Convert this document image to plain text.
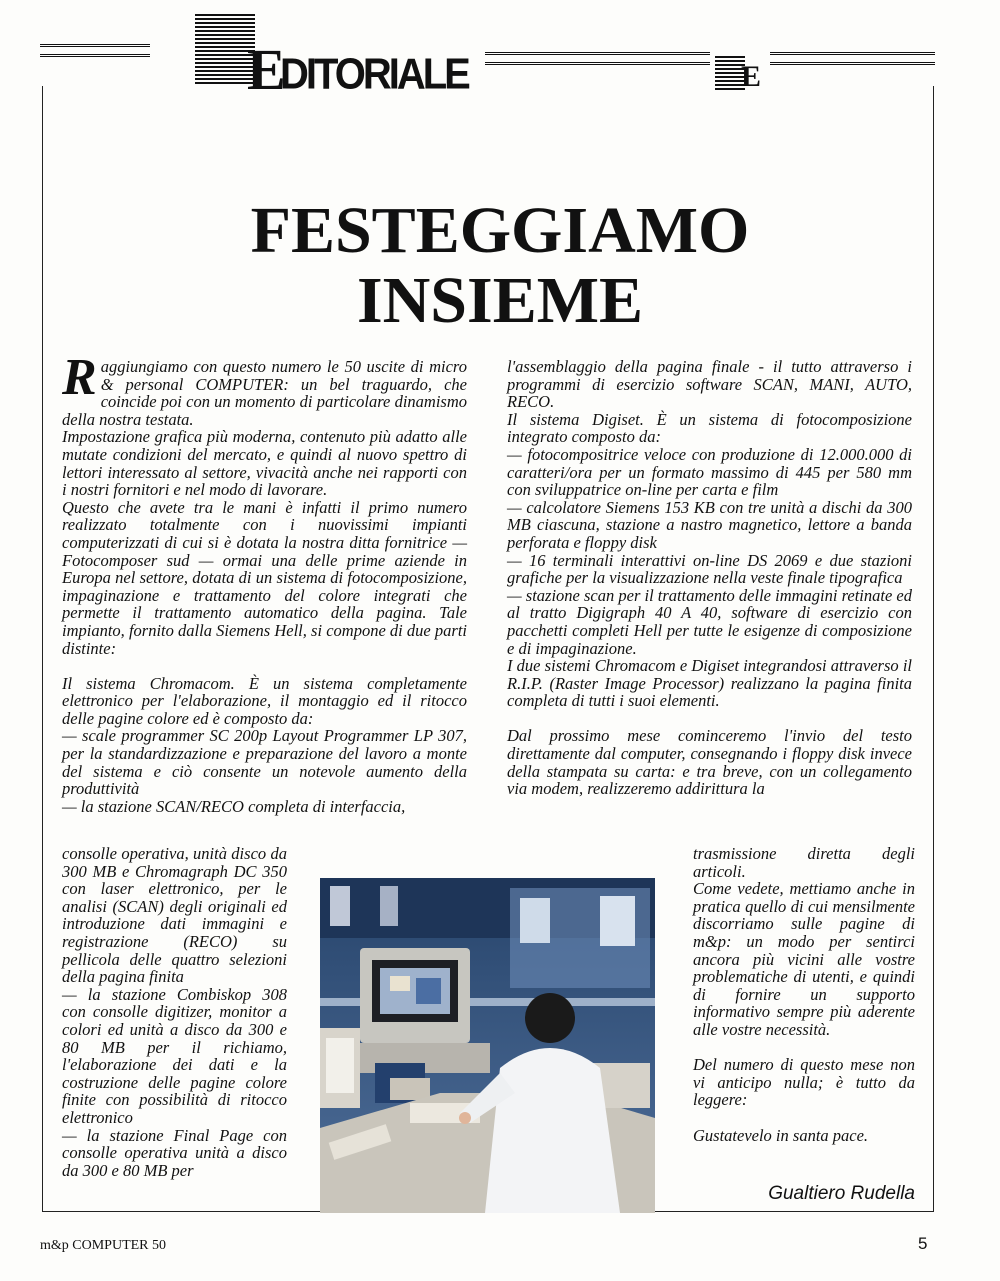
E
DITORIALE	E
FESTEGGIAMO
INSIEME

Raggiungiamo con questo numero le 50 uscite di micro & personal COMPUTER: un bel traguardo, che coincide poi con un momento di particolare dinamismo della nostra testata.

Impostazione grafica più moderna, contenuto più adatto alle mutate condizioni del mercato, e quindi al nuovo spettro di lettori interessato al settore, vivacità anche nei rapporti con i nostri fornitori e nel modo di lavorare.

Questo che avete tra le mani è infatti il primo numero realizzato totalmente con i nuovissimi impianti computerizzati di cui si è dotata la nostra ditta fornitrice — Fotocomposer sud — ormai una delle prime aziende in Europa nel settore, dotata di un sistema di fotocomposizione, impaginazione e trattamento del colore integrati che permette il trattamento automatico della pagina. Tale impianto, fornito dalla Siemens Hell, si compone di due parti distinte:

Il sistema Chromacom. È un sistema completamente elettronico per l'elaborazione, il montaggio ed il ritocco delle pagine colore ed è composto da:

— scale programmer SC 200p Layout Programmer LP 307, per la standardizzazione e preparazione del lavoro a monte del sistema e ciò consente un notevole aumento della produttività

— la stazione SCAN/RECO completa di interfaccia,

consolle operativa, unità disco da 300 MB e Chromagraph DC 350 con laser elettronico, per le analisi (SCAN) degli originali ed introduzione dati immagini e registrazione (RECO) su pellicola delle quattro selezioni della pagina finita

— la stazione Combiskop 308 con consolle digitizer, monitor a colori ed unità a disco da 300 e 80 MB per il richiamo, l'elaborazione dei dati e la costruzione delle pagine colore finite con possibilità di ritocco elettronico

— la stazione Final Page con consolle operativa unità a disco da 300 e 80 MB per

l'assemblaggio della pagina finale - il tutto attraverso i programmi di esercizio software SCAN, MANI, AUTO, RECO.

Il sistema Digiset. È un sistema di fotocomposizione integrato composto da:

— fotocompositrice veloce con produzione di 12.000.000 di caratteri/ora per un formato massimo di 445 per 580 mm con sviluppatrice on-line per carta e film

— calcolatore Siemens 153 KB con tre unità a dischi da 300 MB ciascuna, stazione a nastro magnetico, lettore a banda perforata e floppy disk

— 16 terminali interattivi on-line DS 2069 e due stazioni grafiche per la visualizzazione nella veste finale tipografica

— stazione scan per il trattamento delle immagini retinate ed al tratto Digigraph 40 A 40, software di esercizio con pacchetti completi Hell per tutte le esigenze di composizione e di impaginazione.

I due sistemi Chromacom e Digiset integrandosi attraverso il R.I.P. (Raster Image Processor) realizzano la pagina finita completa di tutti i suoi elementi.

Dal prossimo mese cominceremo l'invio del testo direttamente dal computer, consegnando i floppy disk invece della stampata su carta: e tra breve, con un collegamento via modem, realizzeremo addirittura la

trasmissione diretta degli articoli.

Come vedete, mettiamo anche in pratica quello di cui mensilmente discorriamo sulle pagine di m&p: un modo per sentirci ancora più vicini alle vostre problematiche di utenti, e quindi di fornire un supporto informativo sempre più aderente alle vostre necessità.

Del numero di questo mese non vi anticipo nulla; è tutto da leggere:

Gustatevelo in santa pace.

Gualtiero Rudella
m&p COMPUTER 50	5
